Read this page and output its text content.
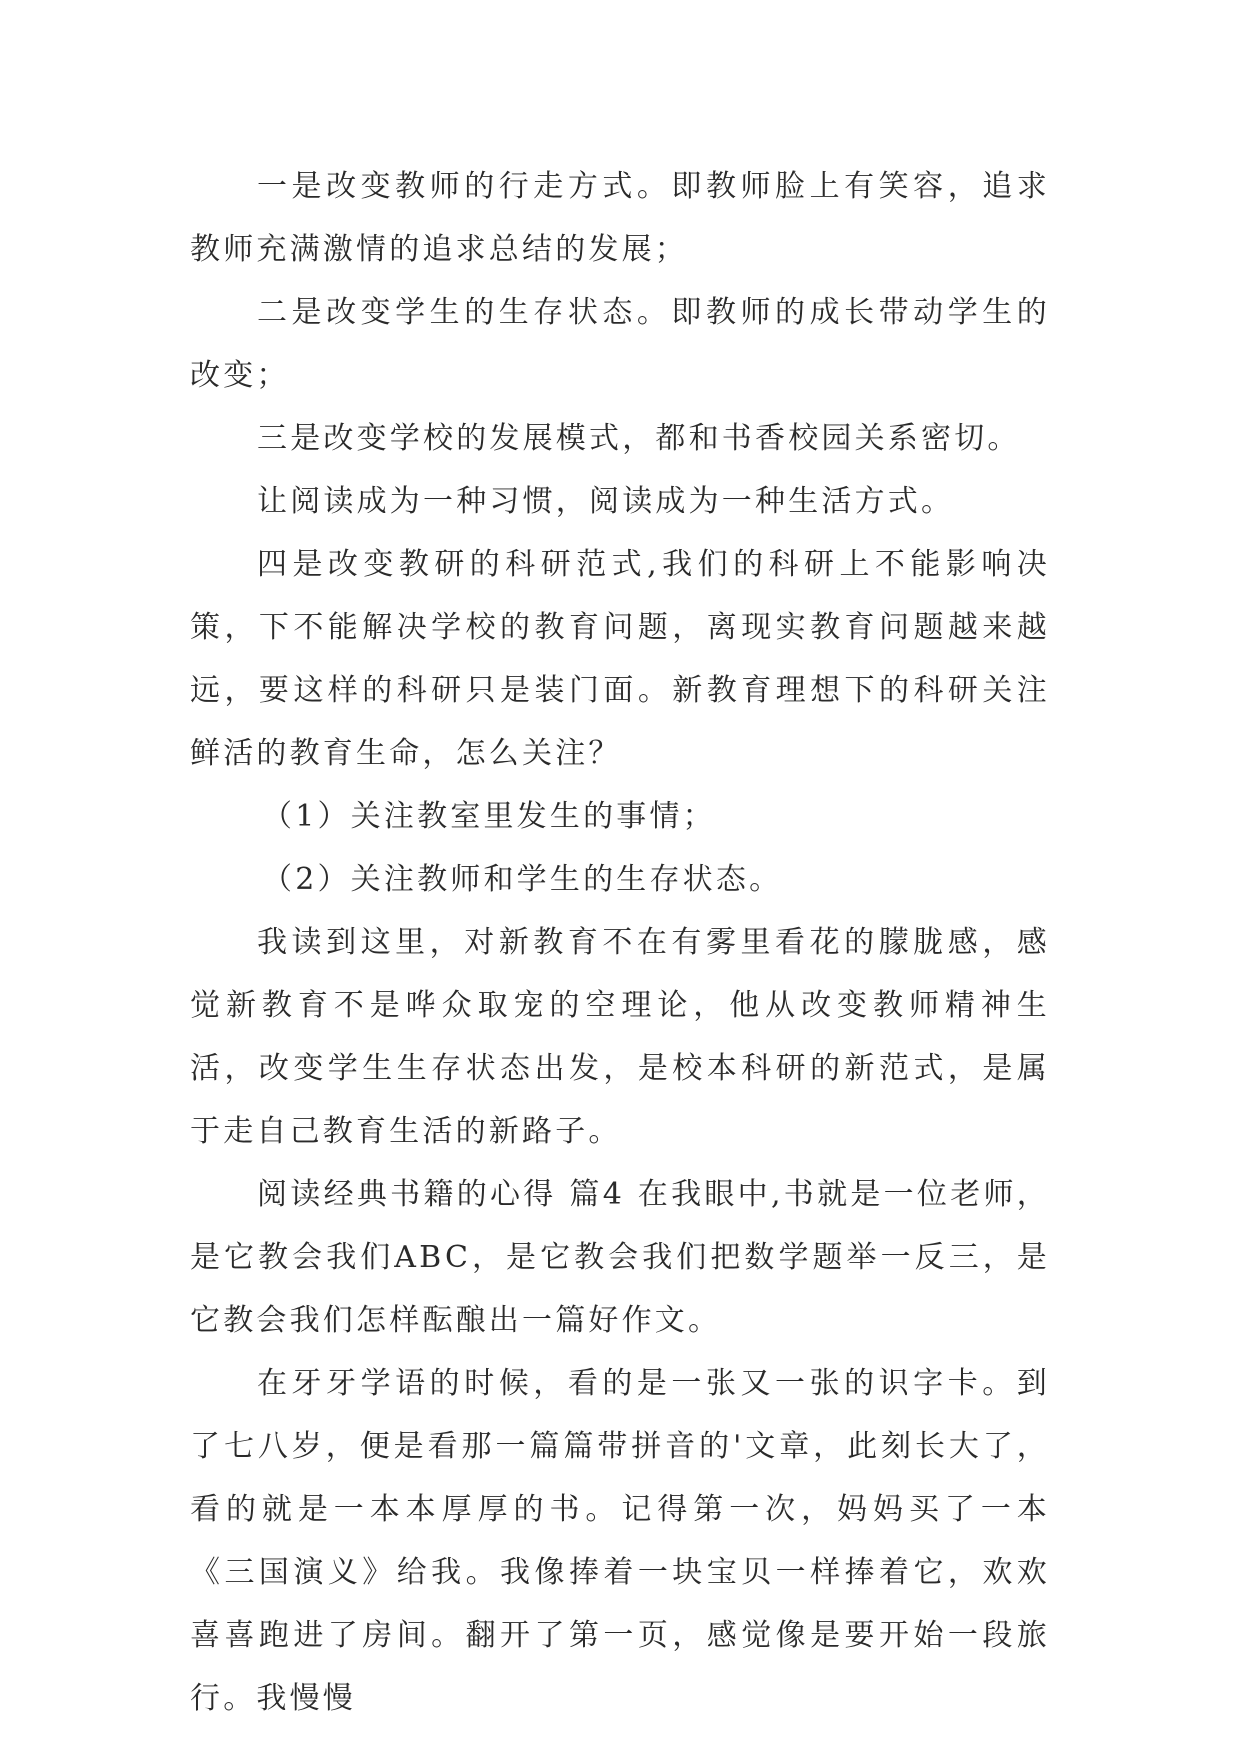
一是改变教师的行走方式。即教师脸上有笑容，追求教师充满激情的追求总结的发展；

二是改变学生的生存状态。即教师的成长带动学生的改变；

三是改变学校的发展模式，都和书香校园关系密切。

让阅读成为一种习惯，阅读成为一种生活方式。

四是改变教研的科研范式,我们的科研上不能影响决策，下不能解决学校的教育问题，离现实教育问题越来越远，要这样的科研只是装门面。新教育理想下的科研关注鲜活的教育生命，怎么关注？

（1）关注教室里发生的事情；

（2）关注教师和学生的生存状态。

我读到这里，对新教育不在有雾里看花的朦胧感，感觉新教育不是哗众取宠的空理论，他从改变教师精神生活，改变学生生存状态出发，是校本科研的新范式，是属于走自己教育生活的新路子。

阅读经典书籍的心得 篇4 在我眼中,书就是一位老师，是它教会我们ABC，是它教会我们把数学题举一反三，是它教会我们怎样酝酿出一篇好作文。

在牙牙学语的时候，看的是一张又一张的识字卡。到了七八岁，便是看那一篇篇带拼音的'文章，此刻长大了，看的就是一本本厚厚的书。记得第一次，妈妈买了一本《三国演义》给我。我像捧着一块宝贝一样捧着它，欢欢喜喜跑进了房间。翻开了第一页，感觉像是要开始一段旅行。我慢慢
